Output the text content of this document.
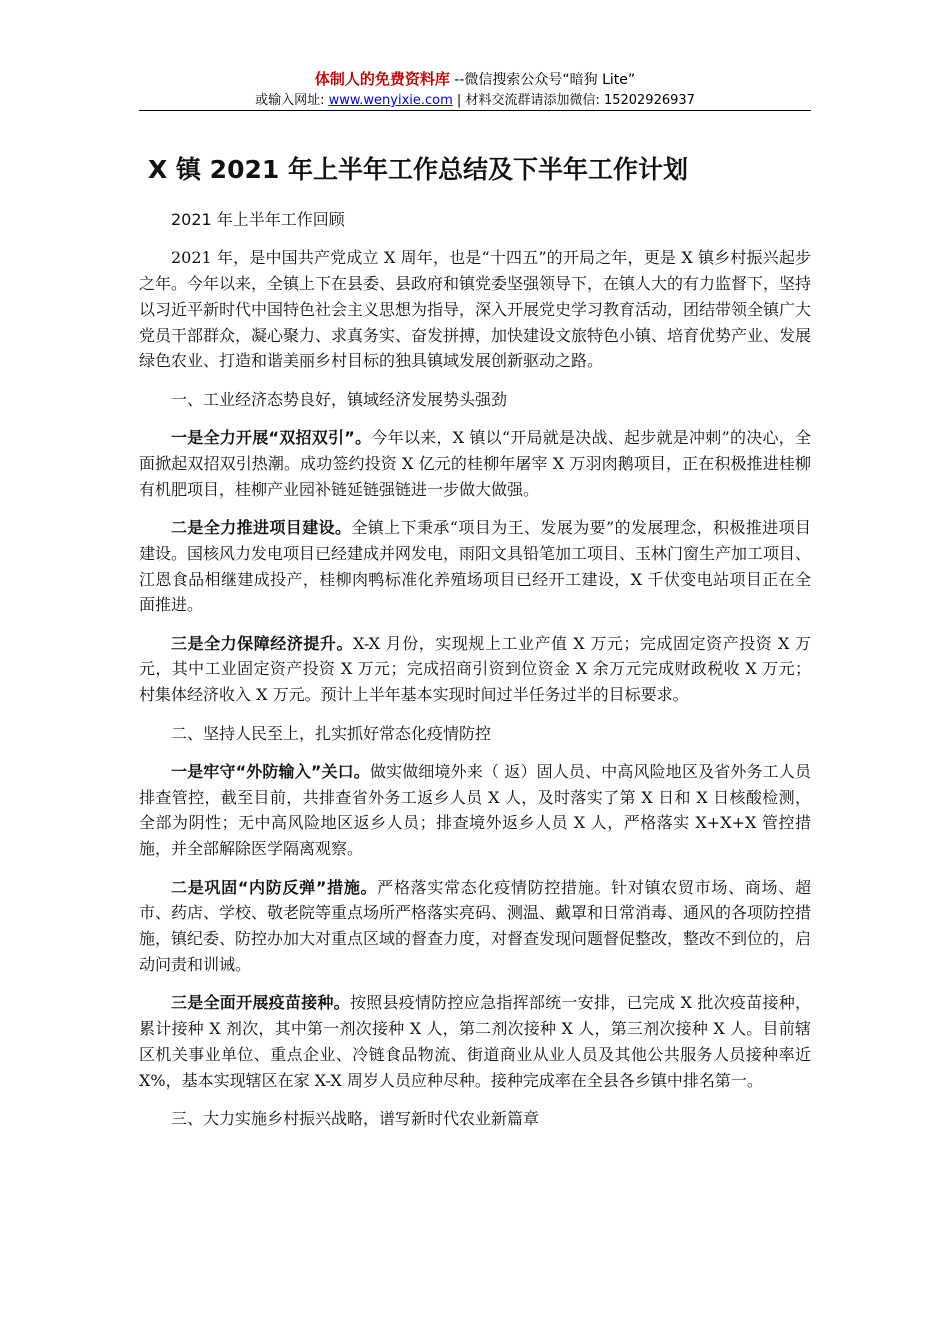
体制人的免费资料库 --微信搜索公众号“暗狗 Lite”
或输入网址: www.wenyixie.com | 材料交流群请添加微信: 15202926937
X 镇 2021 年上半年工作总结及下半年工作计划

2021 年上半年工作回顾

2021 年，是中国共产党成立 X 周年，也是“十四五”的开局之年，更是 X 镇乡村振兴起步之年。今年以来，全镇上下在县委、县政府和镇党委坚强领导下，在镇人大的有力监督下，坚持以习近平新时代中国特色社会主义思想为指导，深入开展党史学习教育活动，团结带领全镇广大党员干部群众，凝心聚力、求真务实、奋发拼搏，加快建设文旅特色小镇、培育优势产业、发展绿色农业、打造和谐美丽乡村目标的独具镇域发展创新驱动之路。

一、工业经济态势良好，镇域经济发展势头强劲

一是全力开展“双招双引”。今年以来，X 镇以“开局就是决战、起步就是冲刺”的决心，全面掀起双招双引热潮。成功签约投资 X 亿元的桂柳年屠宰 X 万羽肉鹅项目，正在积极推进桂柳有机肥项目，桂柳产业园补链延链强链进一步做大做强。

二是全力推进项目建设。全镇上下秉承“项目为王、发展为要”的发展理念，积极推进项目建设。国核风力发电项目已经建成并网发电，雨阳文具铅笔加工项目、玉林门窗生产加工项目、江恩食品相继建成投产，桂柳肉鸭标准化养殖场项目已经开工建设，X 千伏变电站项目正在全面推进。

三是全力保障经济提升。X-X 月份，实现规上工业产值 X 万元；完成固定资产投资 X 万元，其中工业固定资产投资 X 万元；完成招商引资到位资金 X 余万元完成财政税收 X 万元；村集体经济收入 X 万元。预计上半年基本实现时间过半任务过半的目标要求。

二、坚持人民至上，扎实抓好常态化疫情防控

一是牢守“外防输入”关口。做实做细境外来（ 返）固人员、中高风险地区及省外务工人员排查管控，截至目前，共排查省外务工返乡人员 X 人，及时落实了第 X 日和 X 日核酸检测，全部为阴性；无中高风险地区返乡人员；排查境外返乡人员 X 人，严格落实 X+X+X 管控措施，并全部解除医学隔离观察。

二是巩固“内防反弹”措施。严格落实常态化疫情防控措施。针对镇农贸市场、商场、超市、药店、学校、敬老院等重点场所严格落实亮码、测温、戴罩和日常消毒、通风的各项防控措施，镇纪委、防控办加大对重点区域的督查力度，对督查发现问题督促整改，整改不到位的，启动问责和训诫。

三是全面开展疫苗接种。按照县疫情防控应急指挥部统一安排，已完成 X 批次疫苗接种，累计接种 X 剂次，其中第一剂次接种 X 人，第二剂次接种 X 人，第三剂次接种 X 人。目前辖区机关事业单位、重点企业、冷链食品物流、街道商业从业人员及其他公共服务人员接种率近 X%，基本实现辖区在家 X-X 周岁人员应种尽种。接种完成率在全县各乡镇中排名第一。

三、大力实施乡村振兴战略，谱写新时代农业新篇章
